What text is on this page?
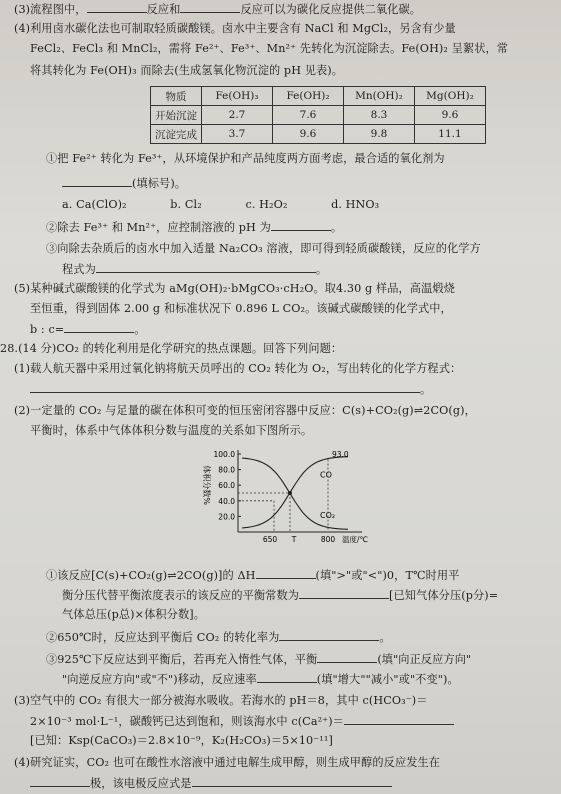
(3)流程图中，	反应和	反应可以为碳化反应提供二氧化碳。
(4)利用卤水碳化法也可制取轻质碳酸镁。卤水中主要含有 NaCl 和 MgCl₂，另含有少量
FeCl₂、FeCl₃ 和 MnCl₂，需将 Fe²⁺、Fe³⁺、Mn²⁺ 先转化为沉淀除去。Fe(OH)₂ 呈絮状，常
将其转化为 Fe(OH)₃ 而除去(生成氢氧化物沉淀的 pH 见表)。
物质	Fe(OH)₃	Fe(OH)₂	Mn(OH)₂	Mg(OH)₂
开始沉淀	2.7	7.6	8.3	9.6
沉淀完成	3.7	9.6	9.8	11.1
①把 Fe²⁺ 转化为 Fe³⁺，从环境保护和产品纯度两方面考虑，最合适的氧化剂为
(填标号)。
a. Ca(ClO)₂	b. Cl₂	c. H₂O₂	d. HNO₃
②除去 Fe³⁺ 和 Mn²⁺，应控制溶液的 pH 为	。
③向除去杂质后的卤水中加入适量 Na₂CO₃ 溶液，即可得到轻质碳酸镁，反应的化学方
程式为	。
(5)某种碱式碳酸镁的化学式为 aMg(OH)₂·bMgCO₃·cH₂O。取4.30 g 样品，高温煅烧
至恒重，得到固体 2.00 g 和标准状况下 0.896 L CO₂。该碱式碳酸镁的化学式中，
b : c=	。
28.(14 分)CO₂ 的转化利用是化学研究的热点课题。回答下列问题：
(1)载人航天器中采用过氧化钠将航天员呼出的 CO₂ 转化为 O₂，写出转化的化学方程式：
。
(2)一定量的 CO₂ 与足量的碳在体积可变的恒压密闭容器中反应：C(s)+CO₂(g)⇌2CO(g)，
平衡时，体系中气体体积分数与温度的关系如下图所示。
100.0
80.0
60.0
40.0
20.0
体积分数%	CO
CO₂
93.0
650 T	800 温度/℃
①该反应[C(s)+CO₂(g)⇌2CO(g)]的 ΔH	(填">"或"<")0，T℃时用平
衡分压代替平衡浓度表示的该反应的平衡常数为	[已知气体分压(p分)=
气体总压(p总)×体积分数]。
②650℃时，反应达到平衡后 CO₂ 的转化率为	。
③925℃下反应达到平衡后，若再充入惰性气体，平衡	(填"向正反应方向"
"向逆反应方向"或"不")移动，反应速率	(填"增大""减小"或"不变")。
(3)空气中的 CO₂ 有很大一部分被海水吸收。若海水的 pH＝8，其中 c(HCO₃⁻)＝
2×10⁻³ mol·L⁻¹，碳酸钙已达到饱和，则该海水中 c(Ca²⁺)＝
[已知：Ksp(CaCO₃)＝2.8×10⁻⁹，K₂(H₂CO₃)＝5×10⁻¹¹]
(4)研究证实，CO₂ 也可在酸性水溶液中通过电解生成甲醇，则生成甲醇的反应发生在
极，该电极反应式是
